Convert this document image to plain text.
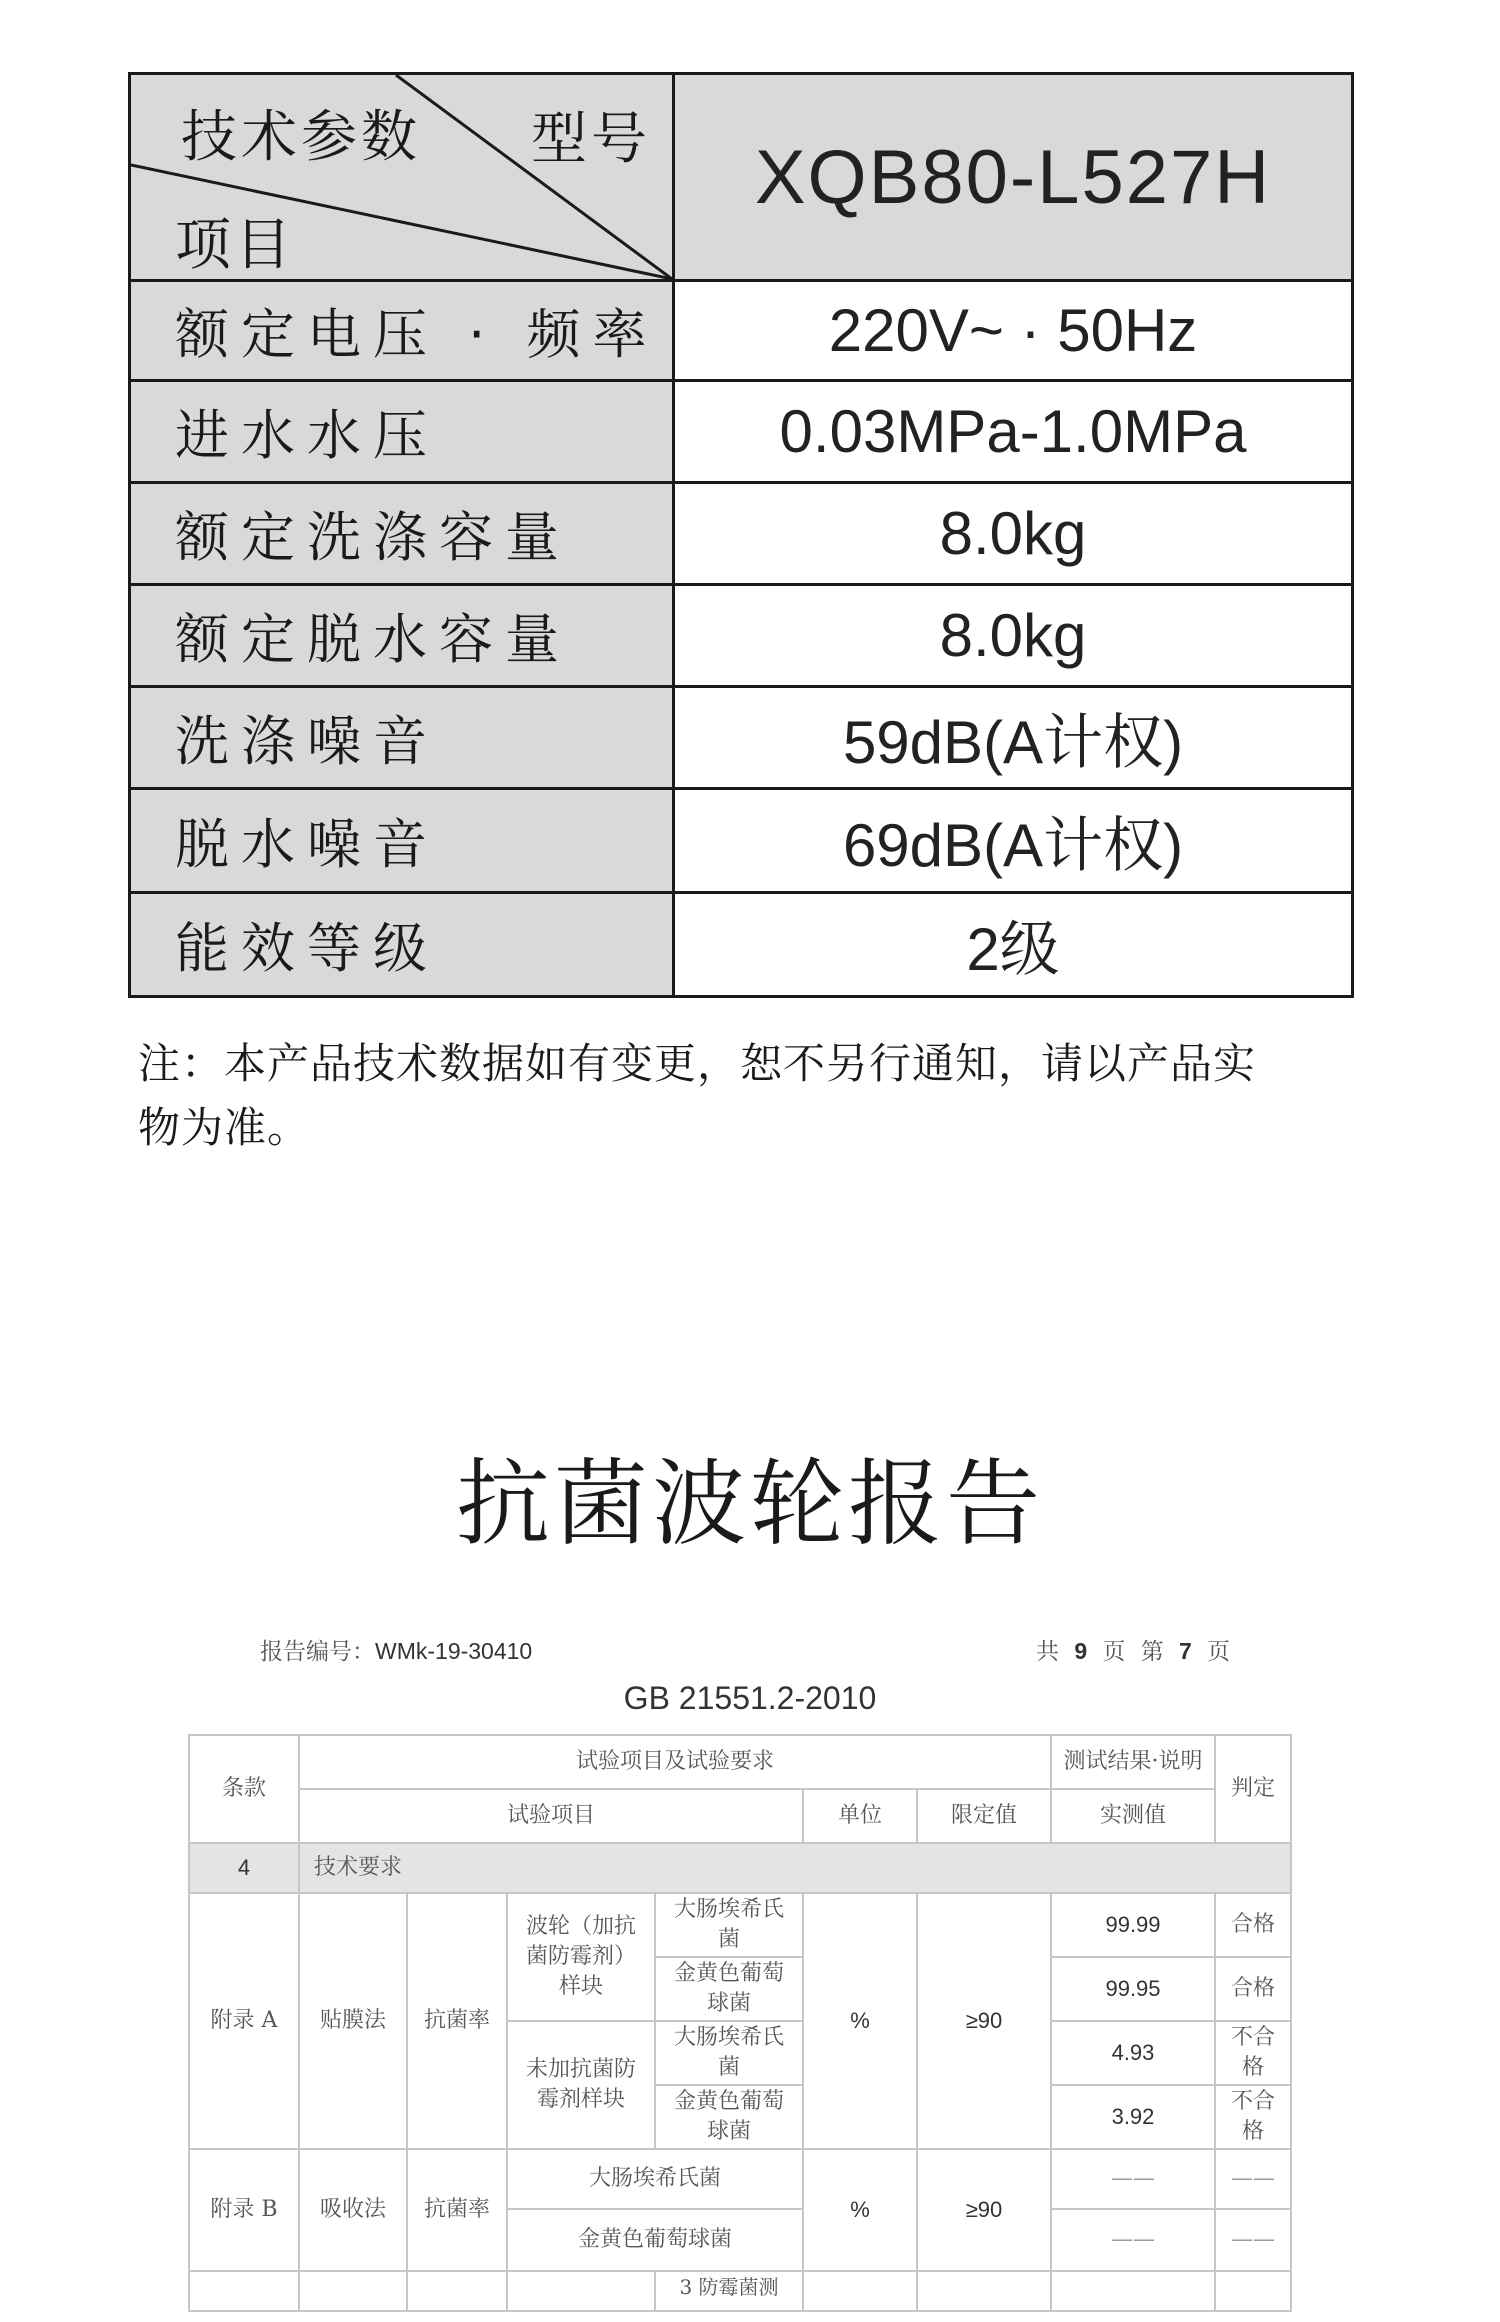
技术参数 型号
项目
XQB80-L527H
额定电压 · 频率	220V~ · 50Hz
进水水压	0.03MPa-1.0MPa
额定洗涤容量	8.0kg
额定脱水容量	8.0kg
洗涤噪音	59dB(A计权)
脱水噪音	69dB(A计权)
能效等级	2级
注：本产品技术数据如有变更，恕不另行通知，请以产品实
物为准。
抗菌波轮报告
报告编号：WMk-19-30410	共 9 页 第 7 页
GB 21551.2-2010
条款	试验项目及试验要求						测试结果·说明	判定
	试验项目				单位	限定值	实测值	
4	技术要求							
附录 A	贴膜法	抗菌率	波轮（加抗菌防霉剂）样块	大肠埃希氏菌	%	≥90	99.99	合格
				金黄色葡萄球菌			99.95	合格
			未加抗菌防霉剂样块	大肠埃希氏菌			4.93	不合格
				金黄色葡萄球菌			3.92	不合格
附录 B	吸收法	抗菌率	大肠埃希氏菌		%	≥90	——	——
			金黄色葡萄球菌				——	——
				3 防霉菌测				
